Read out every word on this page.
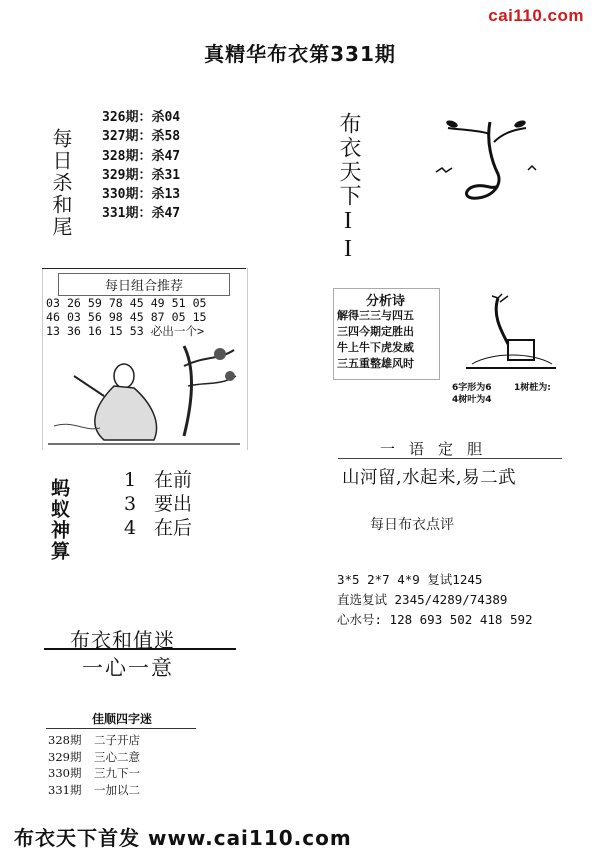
cai110.com
真精华布衣第331期
每日杀和尾
326期：杀04
327期：杀58
328期：杀47
329期：杀31
330期：杀13
331期：杀47
布衣天下II
每日组合推荐
03 26 59 78 45 49 51 05
46 03 56 98 45 87 05 15
13 36 16 15 53 必出一个>
蚂蚁神算	1 在前
3 要出
4 在后
分析诗
解得三三与四五
三四今期定胜出
牛上牛下虎发威
三五重整雄风时
6字形为6 1树桩为:
4树叶为4
一语定胆
山河留,水起来,易二武
每日布衣点评
3*5 2*7 4*9 复试1245
直选复试 2345/4289/74389
心水号: 128 693 502 418 592
布衣和值迷
一心一意
佳顺四字迷
328期 二子开店
329期 三心二意
330期 三九下一
331期 一加以二
布衣天下首发 www.cai110.com
